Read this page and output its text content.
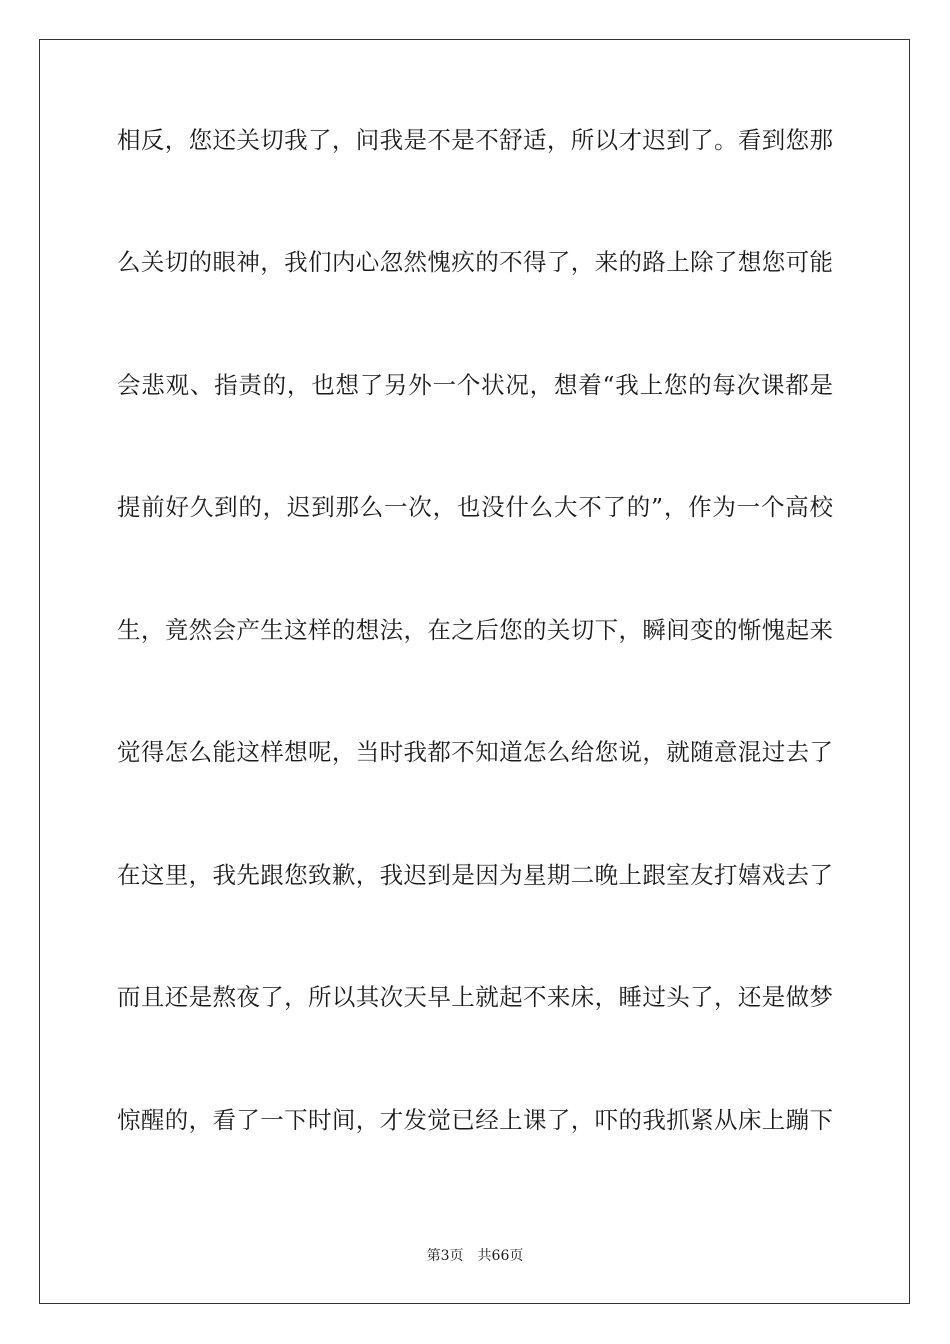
相反，您还关切我了，问我是不是不舒适，所以才迟到了。看到您那
么关切的眼神，我们内心忽然愧疚的不得了，来的路上除了想您可能
会悲观、指责的，也想了另外一个状况，想着“我上您的每次课都是
提前好久到的，迟到那么一次，也没什么大不了的”，作为一个高校
生，竟然会产生这样的想法，在之后您的关切下，瞬间变的惭愧起来
觉得怎么能这样想呢，当时我都不知道怎么给您说，就随意混过去了
在这里，我先跟您致歉，我迟到是因为星期二晚上跟室友打嬉戏去了
而且还是熬夜了，所以其次天早上就起不来床，睡过头了，还是做梦
惊醒的，看了一下时间，才发觉已经上课了，吓的我抓紧从床上蹦下
第3页 共66页
